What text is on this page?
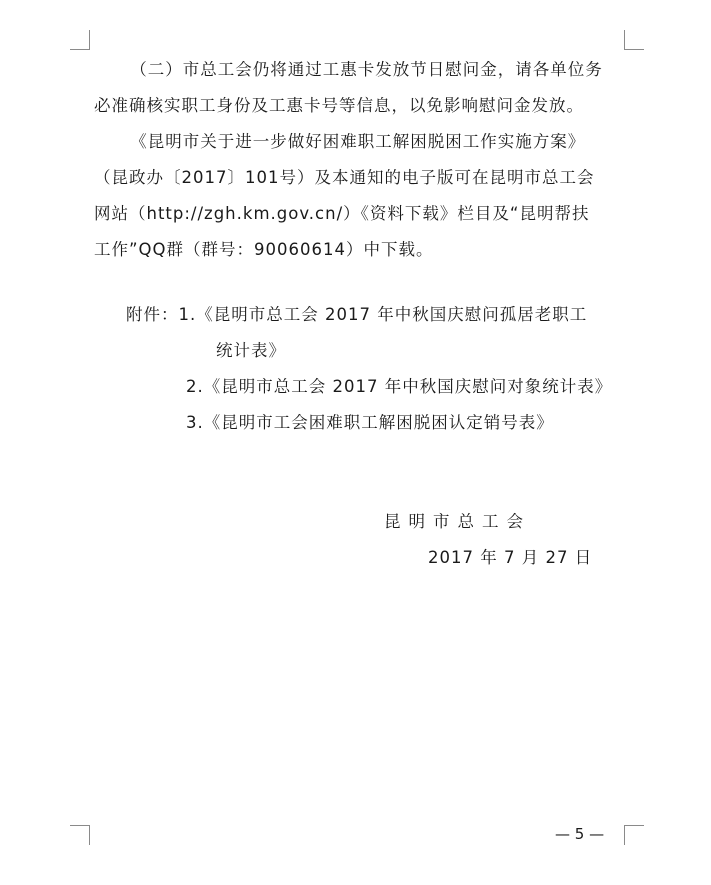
（二）市总工会仍将通过工惠卡发放节日慰问金，请各单位务

必准确核实职工身份及工惠卡号等信息，以免影响慰问金发放。

《昆明市关于进一步做好困难职工解困脱困工作实施方案》

（昆政办〔2017〕101号）及本通知的电子版可在昆明市总工会

网站（http://zgh.km.gov.cn/）《资料下载》栏目及“昆明帮扶

工作”QQ群（群号：90060614）中下载。

附件： 1. 《昆明市总工会 2017 年中秋国庆慰问孤居老职工
统计表》
2. 《昆明市总工会 2017 年中秋国庆慰问对象统计表》
3. 《昆明市工会困难职工解困脱困认定销号表》
昆明市总工会
2017 年 7 月 27 日
— 5 —
